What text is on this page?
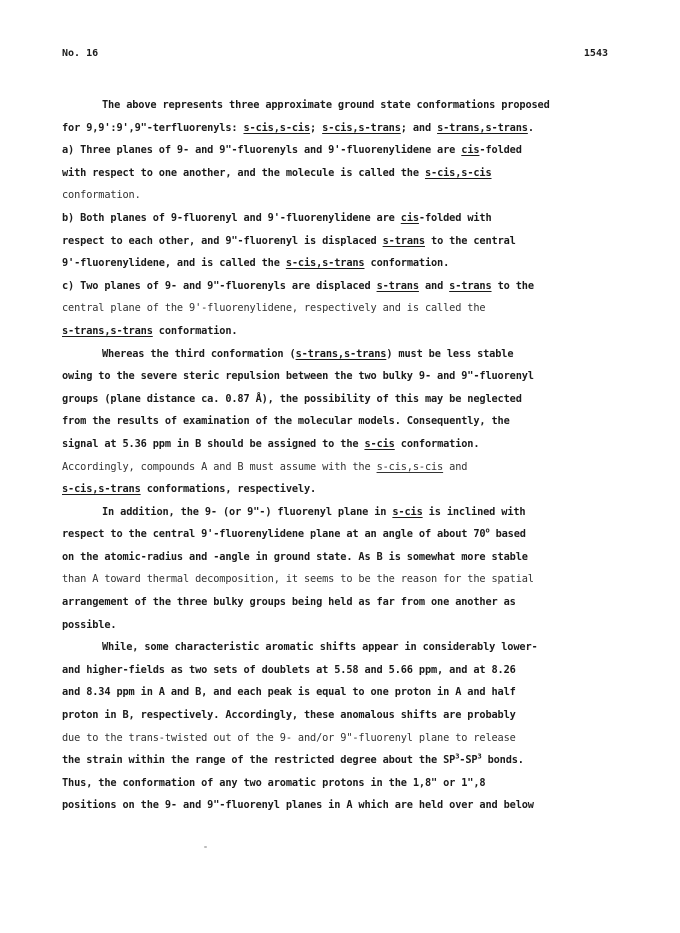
No. 16	1543
The above represents three approximate ground state conformations proposed
for 9,9':9',9"-terfluorenyls: s-cis,s-cis; s-cis,s-trans; and s-trans,s-trans.
a) Three planes of 9- and 9"-fluorenyls and 9'-fluorenylidene are cis-folded
with respect to one another, and the molecule is called the s-cis,s-cis
conformation.
b) Both planes of 9-fluorenyl and 9'-fluorenylidene are cis-folded with
respect to each other, and 9"-fluorenyl is displaced s-trans to the central
9'-fluorenylidene, and is called the s-cis,s-trans conformation.
c) Two planes of 9- and 9"-fluorenyls are displaced s-trans and s-trans to the
central plane of the 9'-fluorenylidene, respectively and is called the
s-trans,s-trans conformation.
Whereas the third conformation (s-trans,s-trans) must be less stable
owing to the severe steric repulsion between the two bulky 9- and 9"-fluorenyl
groups (plane distance ca. 0.87 Å), the possibility of this may be neglected
from the results of examination of the molecular models. Consequently, the
signal at 5.36 ppm in B should be assigned to the s-cis conformation.
Accordingly, compounds A and B must assume with the s-cis,s-cis and
s-cis,s-trans conformations, respectively.
In addition, the 9- (or 9"-) fluorenyl plane in s-cis is inclined with
respect to the central 9'-fluorenylidene plane at an angle of about 70$^o$ based
on the atomic-radius and -angle in ground state. As B is somewhat more stable
than A toward thermal decomposition, it seems to be the reason for the spatial
arrangement of the three bulky groups being held as far from one another as
possible.
While, some characteristic aromatic shifts appear in considerably lower-
and higher-fields as two sets of doublets at 5.58 and 5.66 ppm, and at 8.26
and 8.34 ppm in A and B, and each peak is equal to one proton in A and half
proton in B, respectively. Accordingly, these anomalous shifts are probably
due to the trans-twisted out of the 9- and/or 9"-fluorenyl plane to release
the strain within the range of the restricted degree about the $SP^3-SP^3$ bonds.
Thus, the conformation of any two aromatic protons in the 1,8" or 1",8
positions on the 9- and 9"-fluorenyl planes in A which are held over and below
